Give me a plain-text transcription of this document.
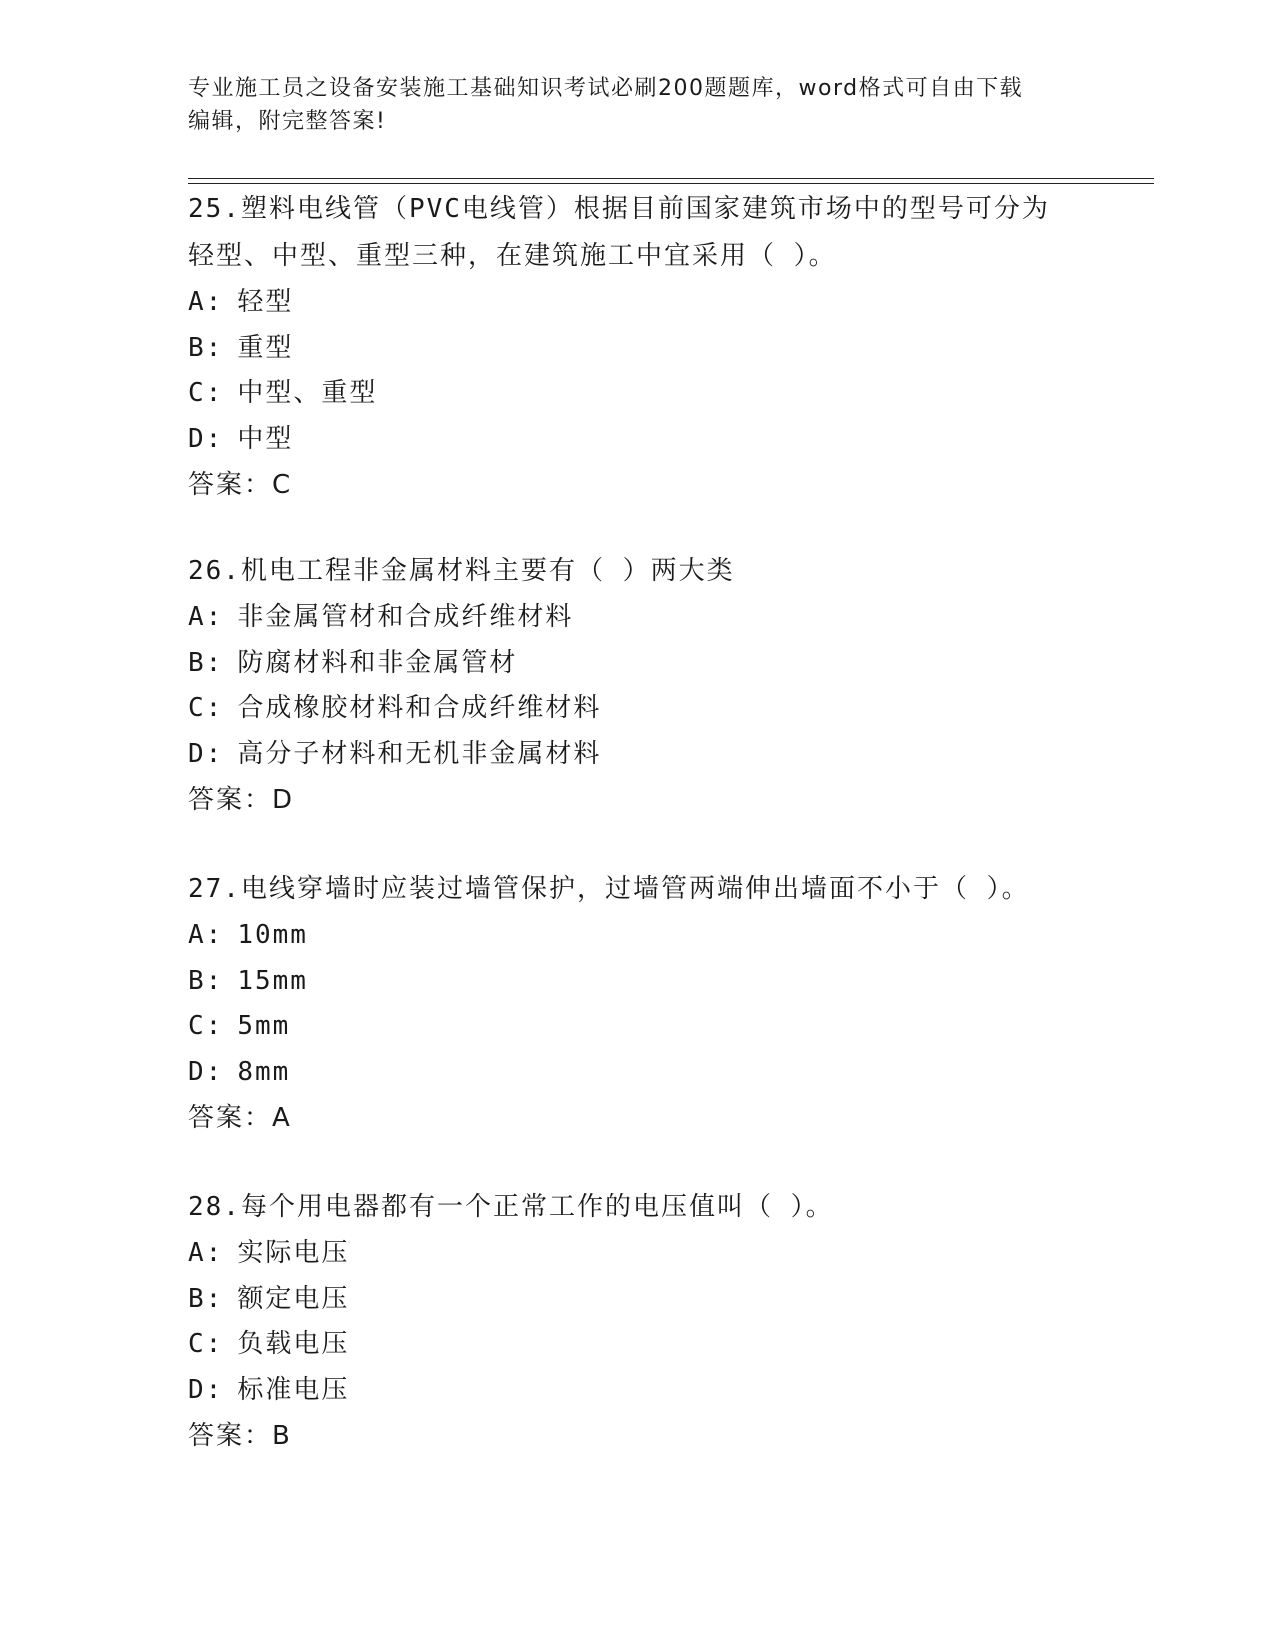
专业施工员之设备安装施工基础知识考试必刷200题题库，word格式可自由下载
编辑，附完整答案!
25.塑料电线管（PVC电线管）根据目前国家建筑市场中的型号可分为
轻型、中型、重型三种，在建筑施工中宜采用（ ）。
A: 轻型
B: 重型
C: 中型、重型
D: 中型
答案：C
26.机电工程非金属材料主要有（ ）两大类
A: 非金属管材和合成纤维材料
B: 防腐材料和非金属管材
C: 合成橡胶材料和合成纤维材料
D: 高分子材料和无机非金属材料
答案：D
27.电线穿墙时应装过墙管保护，过墙管两端伸出墙面不小于（ ）。
A: 10mm
B: 15mm
C: 5mm
D: 8mm
答案：A
28.每个用电器都有一个正常工作的电压值叫（ ）。
A: 实际电压
B: 额定电压
C: 负载电压
D: 标准电压
答案：B
